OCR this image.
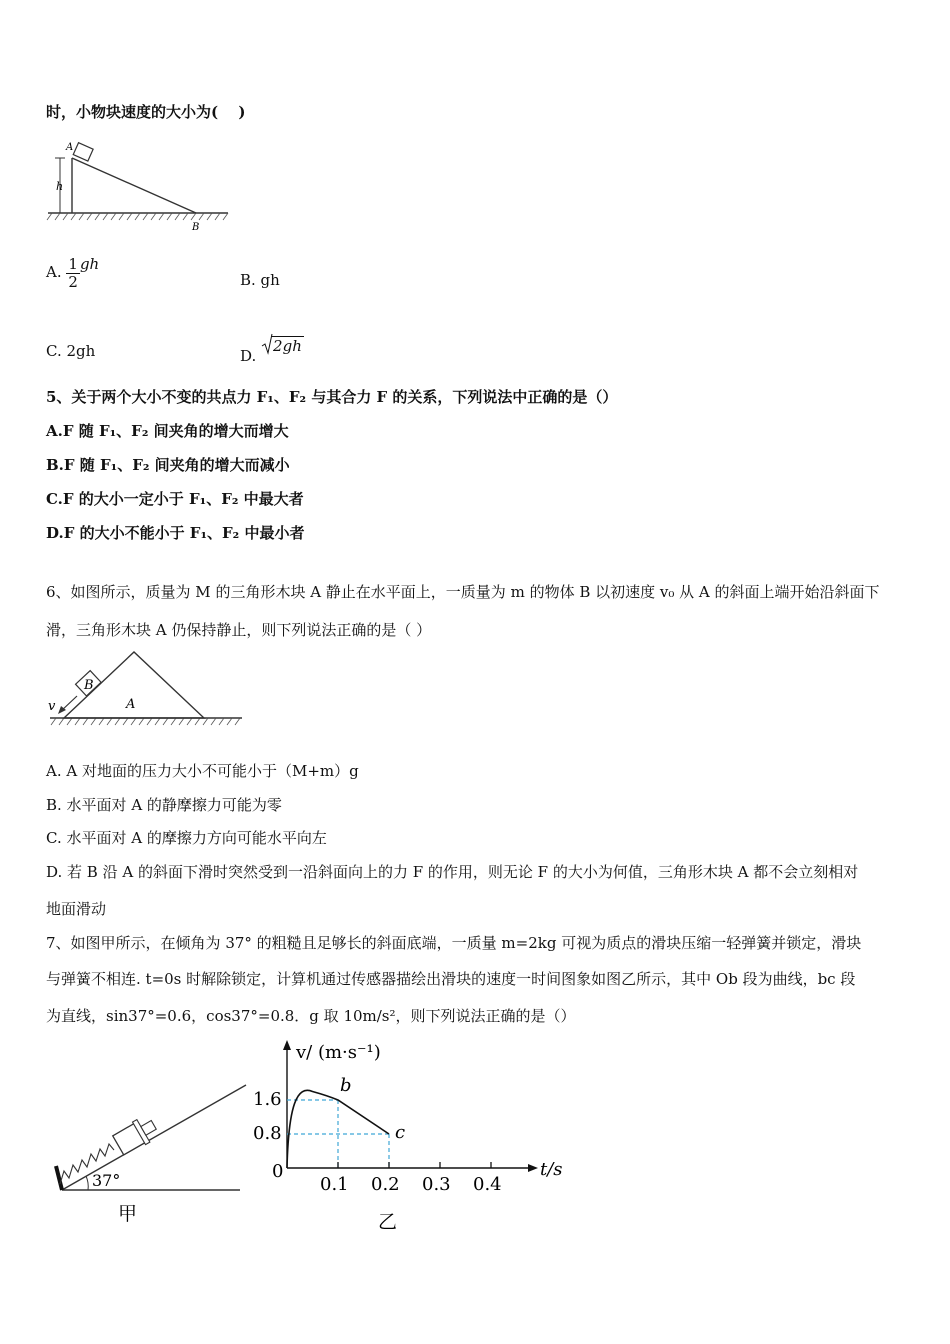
时，小物块速度的大小为(　 )
A
h
B
A. $\frac{1}{2}$ gh
B. gh
C. 2gh	D.
2gh
5、关于两个大小不变的共点力 F₁、F₂ 与其合力 F 的关系，下列说法中正确的是（）
A.F 随 F₁、F₂ 间夹角的增大而增大
B.F 随 F₁、F₂ 间夹角的增大而减小
C.F 的大小一定小于 F₁、F₂ 中最大者
D.F 的大小不能小于 F₁、F₂ 中最小者
6、如图所示，质量为 M 的三角形木块 A 静止在水平面上，一质量为 m 的物体 B 以初速度 v₀ 从 A 的斜面上端开始沿斜面下
滑，三角形木块 A 仍保持静止，则下列说法正确的是（ ）
B
A
v
A. A 对地面的压力大小不可能小于（M+m）g
B. 水平面对 A 的静摩擦力可能为零
C. 水平面对 A 的摩擦力方向可能水平向左
D. 若 B 沿 A 的斜面下滑时突然受到一沿斜面向上的力 F 的作用，则无论 F 的大小为何值，三角形木块 A 都不会立刻相对
地面滑动
7、如图甲所示，在倾角为 37° 的粗糙且足够长的斜面底端，一质量 m=2kg 可视为质点的滑块压缩一轻弹簧并锁定，滑块
与弹簧不相连. t=0s 时解除锁定，计算机通过传感器描绘出滑块的速度一时间图象如图乙所示，其中 Ob 段为曲线，bc 段
为直线，sin37°=0.6，cos37°=0.8．g 取 10m/s²，则下列说法正确的是（）
37°
甲
v/ (m·s⁻¹)
t/s
1.6
0.8
0
0.1 0.2 0.3 0.4
b
c
乙
